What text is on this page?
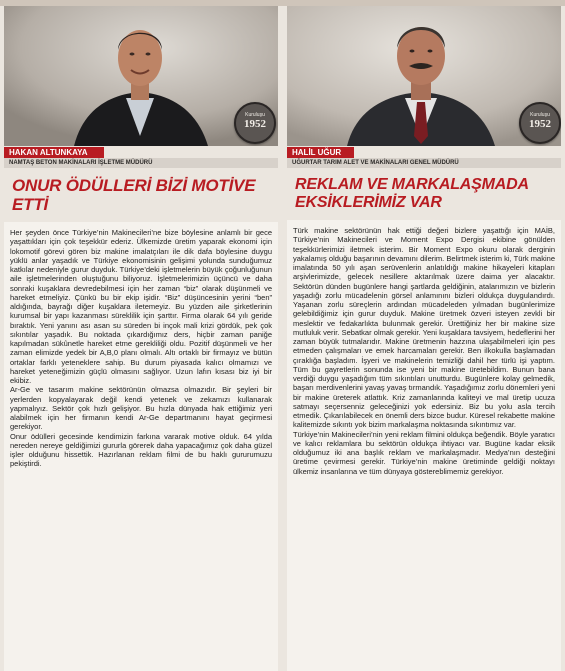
Kuruluşu
1952
HAKAN ALTUNKAYA
NAMTAŞ BETON MAKİNALARI İŞLETME MÜDÜRÜ
ONUR ÖDÜLLERİ BİZİ MOTİVE ETTİ

Her şeyden önce Türkiye’nin Makinecileri’ne bize böylesine anlamlı bir gece yaşattıkları için çok teşekkür ederiz. Ülkemizde üretim yaparak ekonomi için lokomotif görevi gören biz makine imalatçıları ile dik dafa böylesine duygu yüklü anlar yaşadık ve Türkiye ekonomisinin gelişimi yolunda sunduğumuz katkılar nedeniyle gurur duyduk. Türkiye’deki işletmelerin büyük çoğunluğunun aile işletmelerinden oluştuğunu biliyoruz. İşletmelerimizin üçüncü ve daha sonraki kuşaklara devredebilmesi için her zaman “biz” olarak düşünmeli ve hareket etmeliyiz. Çünkü bu bir ekip işidir. “Biz” düşüncesinin yerini “ben” aldığında, bayrağı diğer kuşaklara iletemeyiz. Bu yüzden aile şirketlerinin kurumsal bir yapı kazanması süreklilik için şarttır. Firma olarak 64 yılı geride bıraktık. Yeni yanını ası asan su süreden bi inçok mali krizi gördük, pek çok sıkıntılar yaşadık. Bu noktada çıkardığımız ders, hiçbir zaman paniğe kapılmadan sükûnetle hareket etme gerekliliği oldu. Pozitif düşünmeli ve her zaman elimizde yedek bir A,B,0 planı olmalı. Altı ortaklı bir firmayız ve bütün ortaklar farklı yeteneklere sahip. Bu durum piyasada kalıcı olmamızı ve hareket yeteneğimizin güçlü olmasını sağlıyor. Uzun lafın kısası biz iyi bir ekibiz.

Ar-Ge ve tasarım makine sektörünün olmazsa olmazıdır. Bir şeyleri bir yerlerden kopyalayarak değil kendi yetenek ve zekamızı kullanarak yapmalıyız. Sektör çok hızlı gelişiyor. Bu hızla dünyada hak ettiğimiz yeri alabilmek için her firmanın kendi Ar-Ge departmanını hayat geçirmesi gerekiyor.

Onur ödülleri gecesinde kendimizin farkına vararak motive olduk. 64 yılda nereden nereye geldiğimizi gururla görerek daha yapacağımız çok daha güzel işler olduğunu hissettik. Hazırlanan reklam filmi de bu haklı gururumuzu pekiştirdi.

Kuruluşu
1952
HALİL UĞUR
UĞURTAR TARIM ALET VE MAKİNALARI GENEL MÜDÜRÜ
REKLAM VE MARKALAŞMADA EKSİKLERİMİZ VAR

Türk makine sektörünün hak ettiği değeri bizlere yaşattığı için MAİB, Türkiye’nin Makinecileri ve Moment Expo Dergisi ekibine gönülden teşekkürlerimizi iletmek isterim. Bir Moment Expo okuru olarak derginin yakalamış olduğu başarının devamını dilerim. Belirtmek isterim ki, Türk makine imalatında 50 yılı aşan serüvenlerin anlatıldığı makine hikayeleri kitapları arşivlerimizde, gelecek nesillere aktarılmak üzere daima yer alacaktır. Sektörün dünden bugünlere hangi şartlarda geldiğinin, atalarımızın ve bizlerin yaşadığı zorlu mücadelenin görsel anlamınını bizleri oldukça duygulandırdı. Yaşanan zorlu süreçlerin ardından mücadeleden yılmadan bugünlerimize gelebildiğimiz için gurur duyduk. Makine üretmek özveri isteyen zevkli bir meslektir ve fedakarlıkta bulunmak gerekir. Ürettiğiniz her bir makine size mutluluk verir. Sebatkar olmak gerekir. Yeni kuşaklara tavsiyem, hedeflerini her zaman büyük tutmalarıdır. Makine üretmenin hazzına ulaşabilmeleri için pes etmeden çalışmaları ve emek harcamaları gerekir. Ben ilkokulla başlamadan çıraklığa başladım. İşyeri ve makinelerin temizliği dahil her türlü işi yaptım. Tüm bu gayretlerin sonunda ise yeni bir makine üretebildim. Bunun bana verdiği duygu yaşadığım tüm sıkıntıları unutturdu. Bugünlere kolay gelmedik, başarı merdivenlerini yavaş yavaş tırmandık. Yaşadığımız zorlu dönemleri yeni bir makine üreterek atlattık. Kriz zamanlarında kaliteyi ve mal üretip ucuza satmayı seçersenniz geleceğinizi yok edersiniz. Biz bu yolu asla tercih etmedik. Çıkarılabilecek en önemli ders bizce budur. Küresel rekabette makine kalitemizde sıkıntı yok bizim markalaşma noktasında sıkıntımız var.

Türkiye’nin Makinecileri’nin yeni reklam filmini oldukça beğendik. Böyle yaratıcı ve kalıcı reklamlara bu sektörün oldukça ihtiyacı var. Bugüne kadar eksik olduğumuz iki ana başlık reklam ve markalaşmadır. Medya’nın desteğini üretime çevirmesi gerekir. Türkiye’nin makine üretiminde geldiği noktayı ülkemiz insanlarına ve tüm dünyaya göstereblimemiz gerekiyor.
